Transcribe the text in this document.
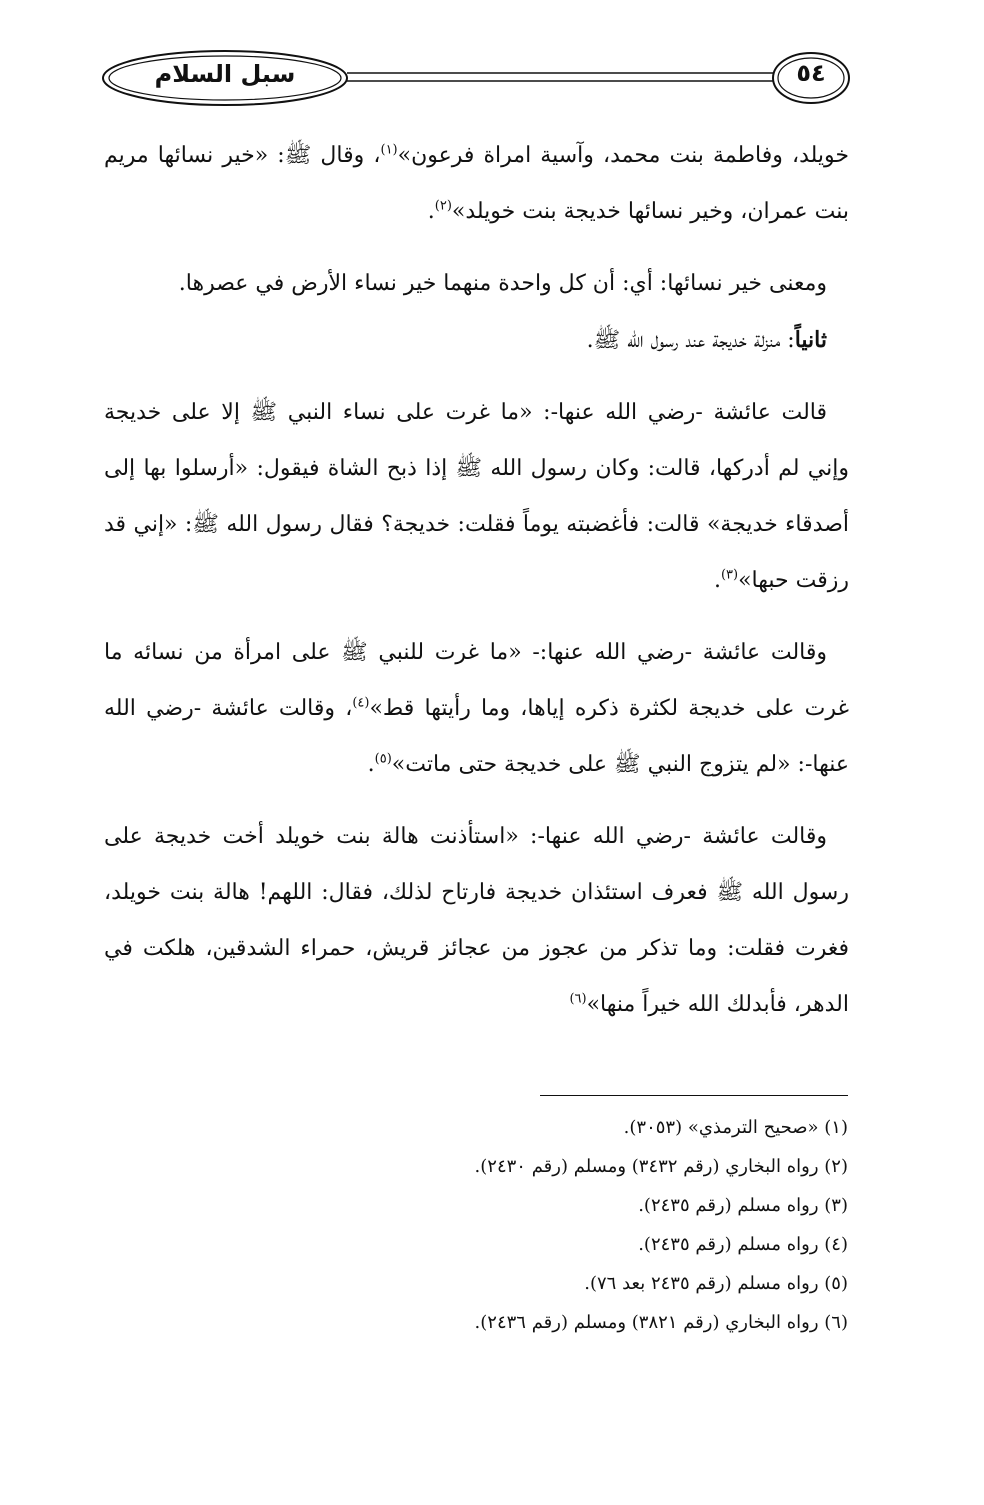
سبل السلام	٥٤

خويلد، وفاطمة بنت محمد، وآسية امراة فرعون»$^{(١)}$، وقال ﷺ: «خير نسائها مريم بنت عمران، وخير نسائها خديجة بنت خويلد»$^{(٢)}$.

ومعنى خير نسائها: أي: أن كل واحدة منهما خير نساء الأرض في عصرها.

ثانياً: منزلة خديجة عند رسول الله ﷺ.

قالت عائشة -رضي الله عنها-: «ما غرت على نساء النبي ﷺ إلا على خديجة وإني لم أدركها، قالت: وكان رسول الله ﷺ إذا ذبح الشاة فيقول: «أرسلوا بها إلى أصدقاء خديجة» قالت: فأغضبته يوماً فقلت: خديجة؟ فقال رسول الله ﷺ: «إني قد رزقت حبها»$^{(٣)}$.

وقالت عائشة -رضي الله عنها:- «ما غرت للنبي ﷺ على امرأة من نسائه ما غرت على خديجة لكثرة ذكره إياها، وما رأيتها قط»$^{(٤)}$، وقالت عائشة -رضي الله عنها-: «لم يتزوج النبي ﷺ على خديجة حتى ماتت»$^{(٥)}$.

وقالت عائشة -رضي الله عنها-: «استأذنت هالة بنت خويلد أخت خديجة على رسول الله ﷺ فعرف استئذان خديجة فارتاح لذلك، فقال: اللهم! هالة بنت خويلد، فغرت فقلت: وما تذكر من عجوز من عجائز قريش، حمراء الشدقين، هلكت في الدهر، فأبدلك الله خيراً منها»$^{(٦)}$

(١) «صحيح الترمذي» (٣٠٥٣).

(٢) رواه البخاري (رقم ٣٤٣٢) ومسلم (رقم ٢٤٣٠).

(٣) رواه مسلم (رقم ٢٤٣٥).

(٤) رواه مسلم (رقم ٢٤٣٥).

(٥) رواه مسلم (رقم ٢٤٣٥ بعد ٧٦).

(٦) رواه البخاري (رقم ٣٨٢١) ومسلم (رقم ٢٤٣٦).
